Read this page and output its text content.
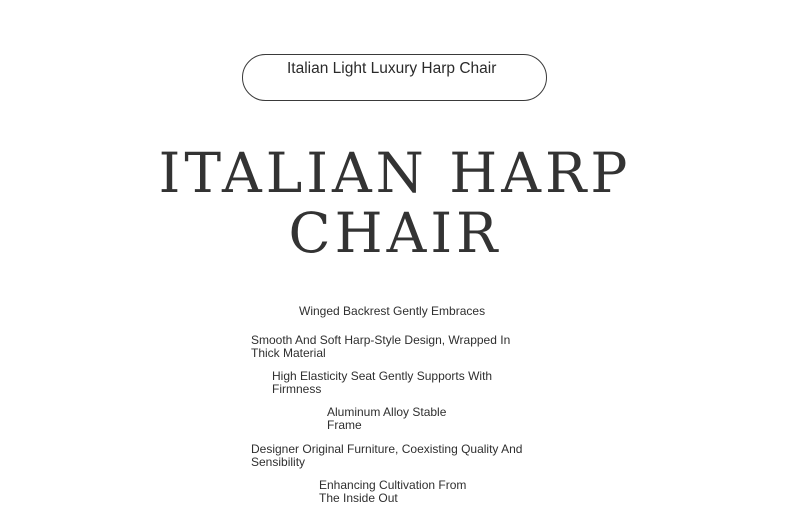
Italian Light Luxury Harp Chair
ITALIAN HARP
CHAIR
Winged Backrest Gently Embraces
Smooth And Soft Harp-Style Design, Wrapped In Thick Material
High Elasticity Seat Gently Supports With Firmness
Aluminum Alloy Stable Frame
Designer Original Furniture, Coexisting Quality And Sensibility
Enhancing Cultivation From The Inside Out
